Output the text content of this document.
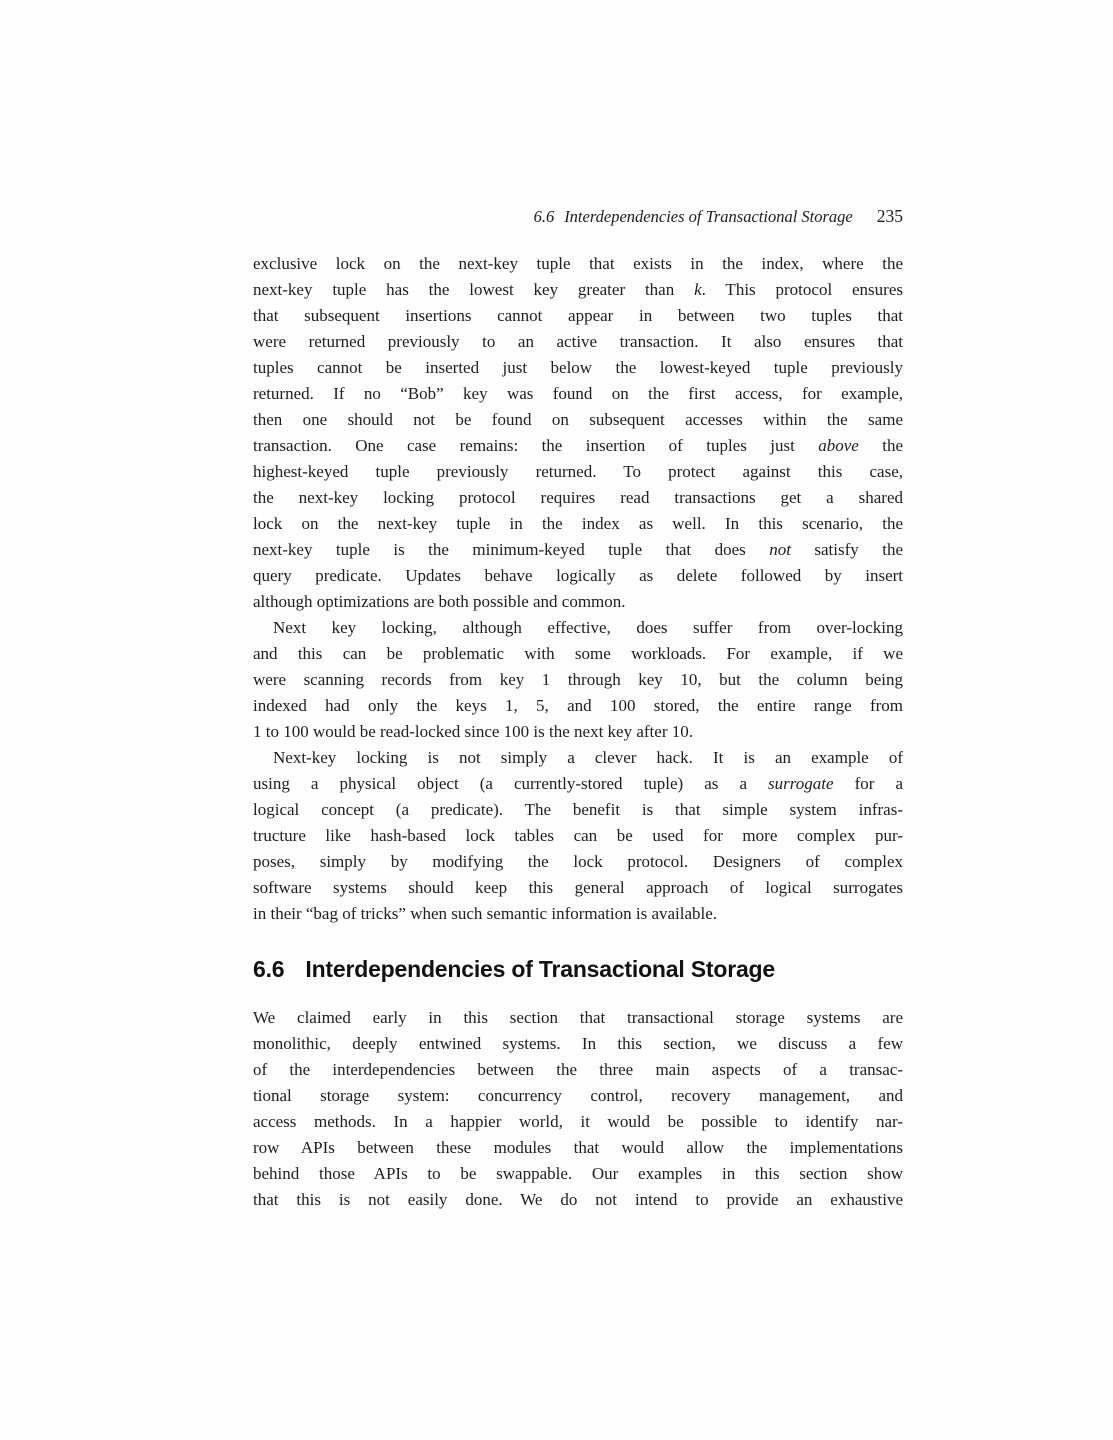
6.6 Interdependencies of Transactional Storage 235
exclusive lock on the next-key tuple that exists in the index, where the
next-key tuple has the lowest key greater than k. This protocol ensures
that subsequent insertions cannot appear in between two tuples that
were returned previously to an active transaction. It also ensures that
tuples cannot be inserted just below the lowest-keyed tuple previously
returned. If no “Bob” key was found on the first access, for example,
then one should not be found on subsequent accesses within the same
transaction. One case remains: the insertion of tuples just above the
highest-keyed tuple previously returned. To protect against this case,
the next-key locking protocol requires read transactions get a shared
lock on the next-key tuple in the index as well. In this scenario, the
next-key tuple is the minimum-keyed tuple that does not satisfy the
query predicate. Updates behave logically as delete followed by insert
although optimizations are both possible and common.
Next key locking, although effective, does suffer from over-locking
and this can be problematic with some workloads. For example, if we
were scanning records from key 1 through key 10, but the column being
indexed had only the keys 1, 5, and 100 stored, the entire range from
1 to 100 would be read-locked since 100 is the next key after 10.
Next-key locking is not simply a clever hack. It is an example of
using a physical object (a currently-stored tuple) as a surrogate for a
logical concept (a predicate). The benefit is that simple system infras-
tructure like hash-based lock tables can be used for more complex pur-
poses, simply by modifying the lock protocol. Designers of complex
software systems should keep this general approach of logical surrogates
in their “bag of tricks” when such semantic information is available.
6.6 Interdependencies of Transactional Storage
We claimed early in this section that transactional storage systems are
monolithic, deeply entwined systems. In this section, we discuss a few
of the interdependencies between the three main aspects of a transac-
tional storage system: concurrency control, recovery management, and
access methods. In a happier world, it would be possible to identify nar-
row APIs between these modules that would allow the implementations
behind those APIs to be swappable. Our examples in this section show
that this is not easily done. We do not intend to provide an exhaustive
